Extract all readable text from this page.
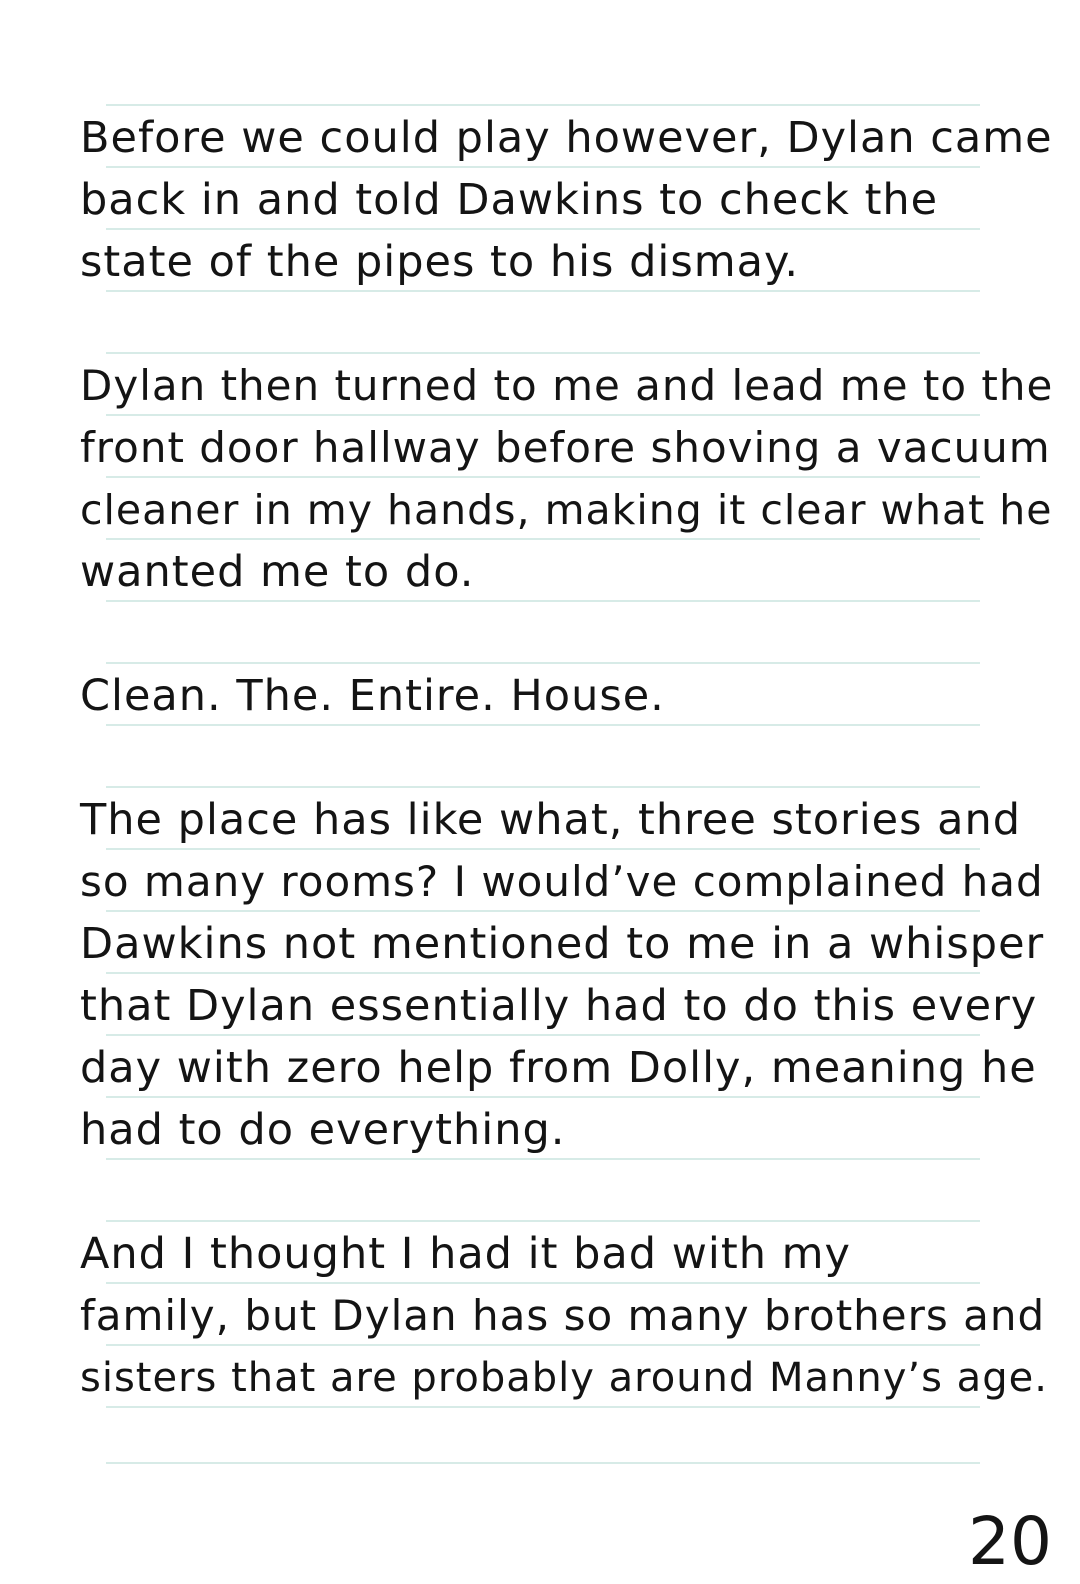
Before we could play however, Dylan came

back in and told Dawkins to check the

state of the pipes to his dismay.

Dylan then turned to me and lead me to the

front door hallway before shoving a vacuum

cleaner in my hands, making it clear what he

wanted me to do.

Clean. The. Entire. House.

The place has like what, three stories and

so many rooms? I would’ve complained had

Dawkins not mentioned to me in a whisper

that Dylan essentially had to do this every

day with zero help from Dolly, meaning he

had to do everything.

And I thought I had it bad with my

family, but Dylan has so many brothers and

sisters that are probably around Manny’s age.

20
